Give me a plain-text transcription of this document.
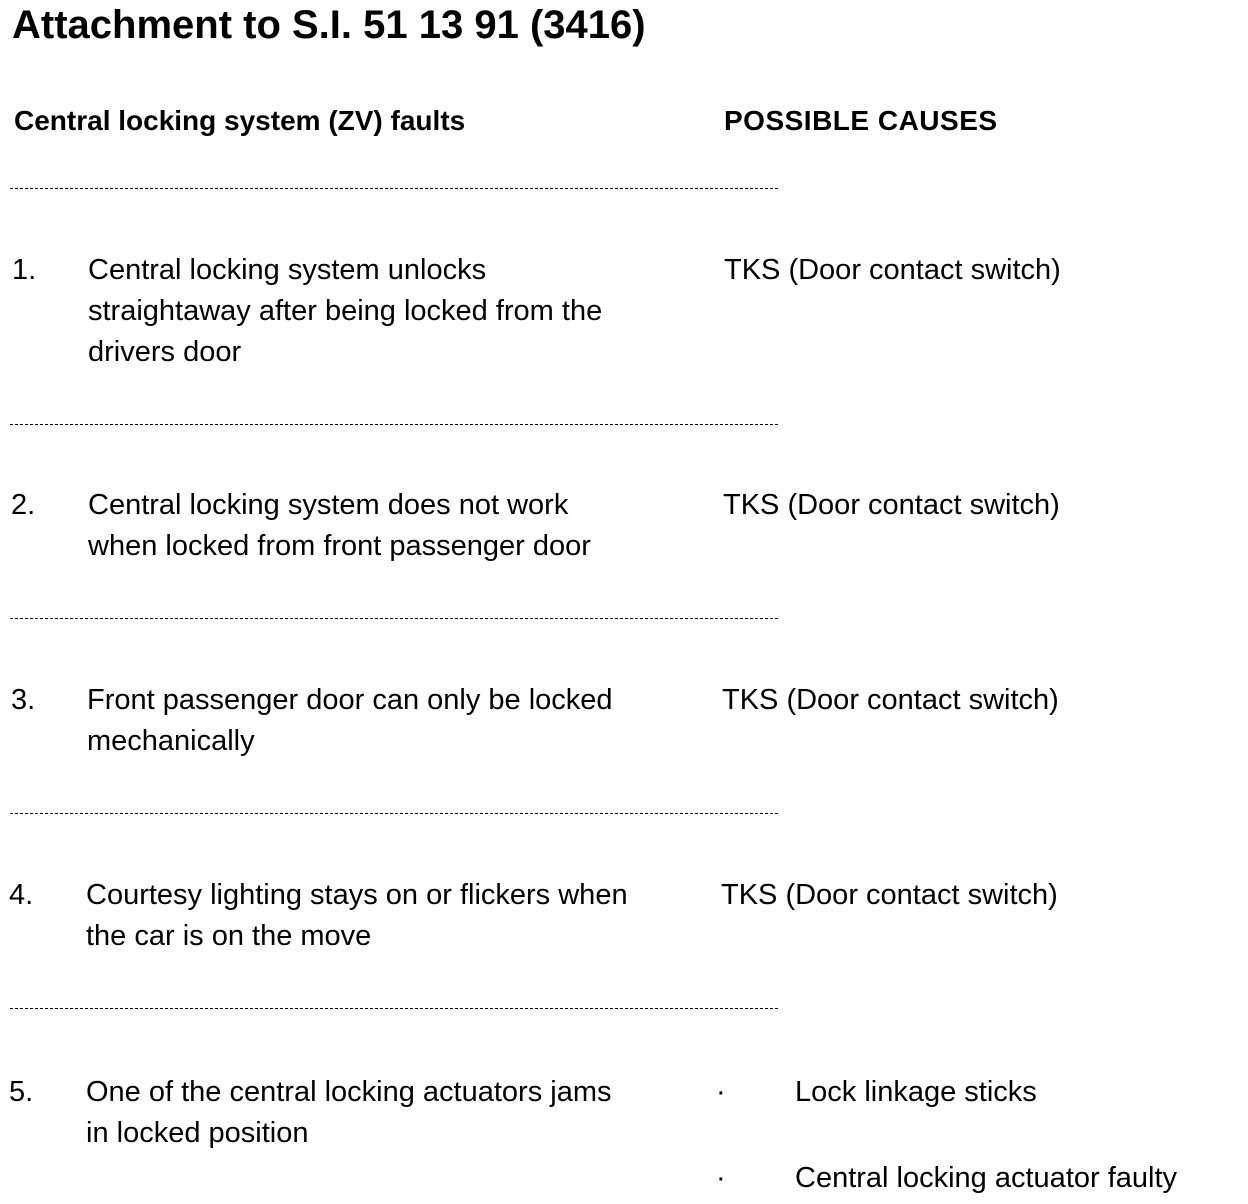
Attachment to S.I. 51 13 91 (3416)
Central locking system (ZV) faults	POSSIBLE CAUSES
1. Central locking system unlocks
straightaway after being locked from the
drivers door
TKS (Door contact switch)
2. Central locking system does not work
when locked from front passenger door
TKS (Door contact switch)
3. Front passenger door can only be locked
mechanically
TKS (Door contact switch)
4. Courtesy lighting stays on or flickers when
the car is on the move
TKS (Door contact switch)
5. One of the central locking actuators jams
in locked position
· Lock linkage sticks
· Central locking actuator faulty
